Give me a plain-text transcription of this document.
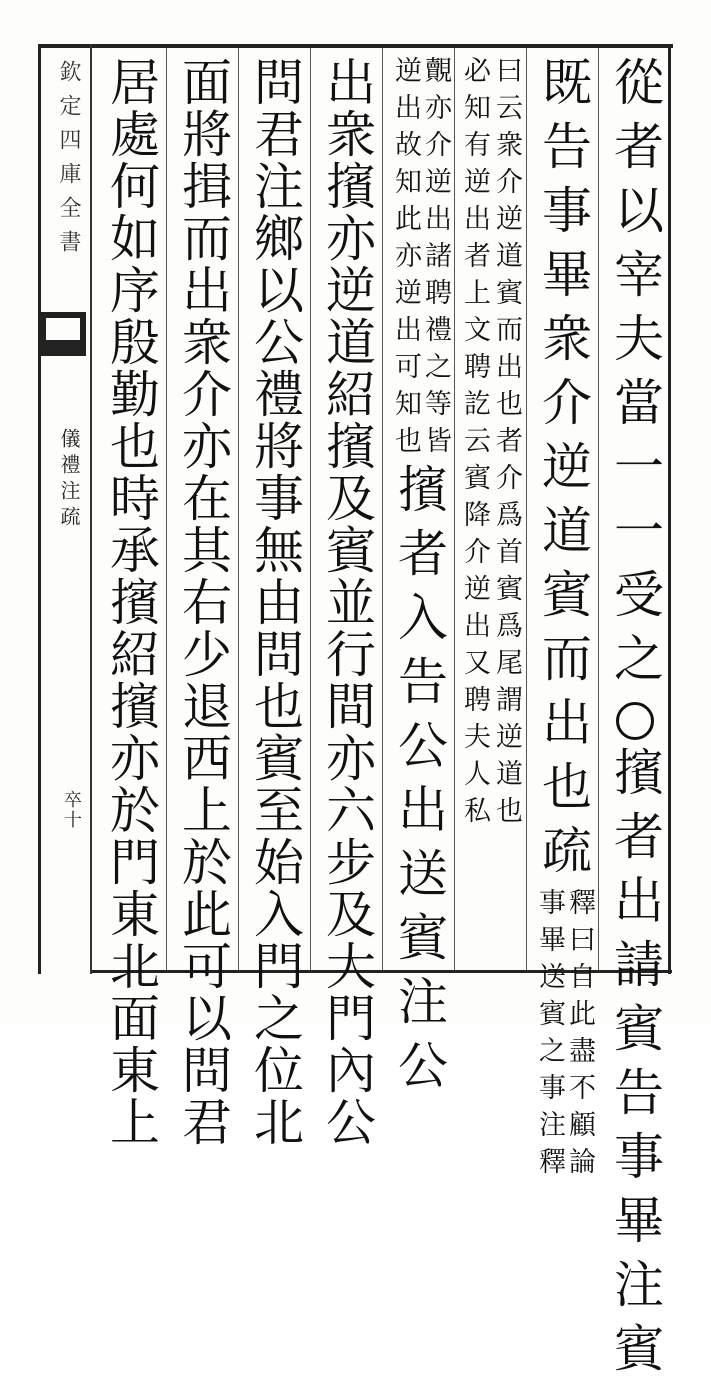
欽定四庫全書
儀禮注疏
卒十
從者以宰夫當一一受之擯者出請賓告事畢注賓
既告事畢衆介逆道賓而出也疏
釋曰自此盡不顧論
事畢送賓之事注釋
曰云衆介逆道賓而出也者介爲首賓爲尾謂逆道也
必知有逆出者上文聘訖云賓降介逆出又聘夫人私
覿亦介逆出諸聘禮之等皆
逆出故知此亦逆出可知也
擯者入告公出送賓注公
出衆擯亦逆道紹擯及賓並行間亦六步及大門內公
問君注鄉以公禮將事無由問也賓至始入門之位北
面將揖而出衆介亦在其右少退西上於此可以問君
居處何如序殷勤也時承擯紹擯亦於門東北面東上
